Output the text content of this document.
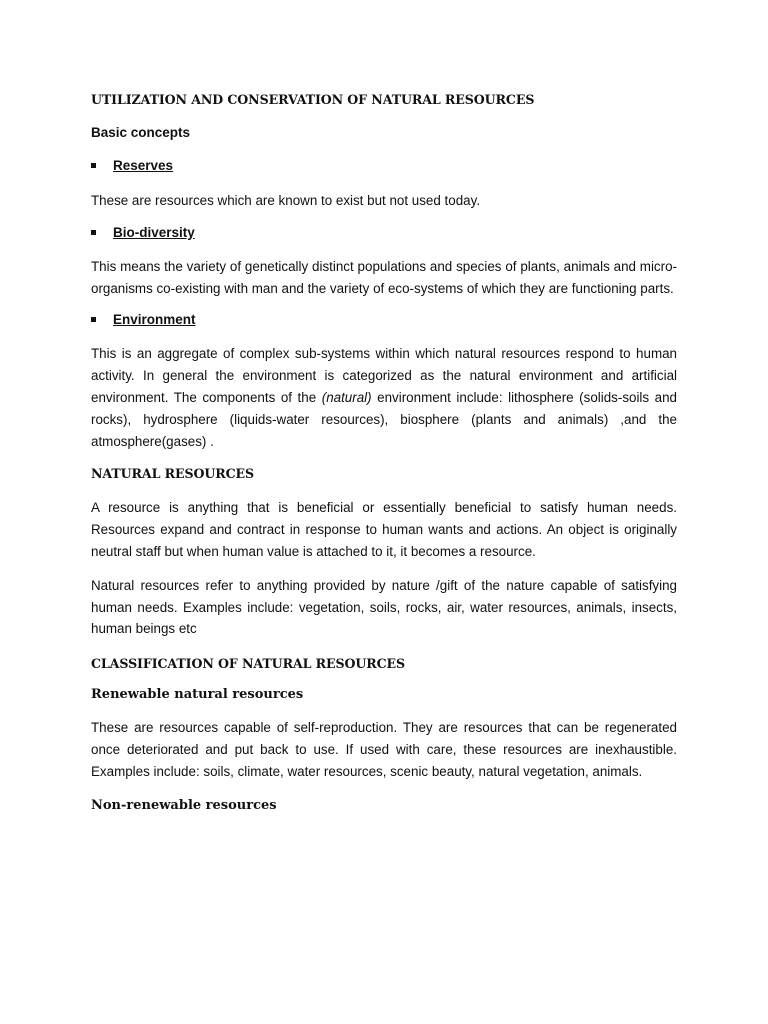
UTILIZATION AND CONSERVATION OF NATURAL RESOURCES
Basic concepts
Reserves

These are resources which are known to exist but not used today.

Bio-diversity

This means the variety of genetically distinct populations and species of plants, animals and micro-organisms co-existing with man and the variety of eco-systems of which they are functioning parts.

Environment

This is an aggregate of complex sub-systems within which natural resources respond to human activity. In general the environment is categorized as the natural environment and artificial environment. The components of the (natural) environment include: lithosphere (solids-soils and rocks), hydrosphere (liquids-water resources), biosphere (plants and animals) ,and the atmosphere(gases) .

NATURAL RESOURCES

A resource is anything that is beneficial or essentially beneficial to satisfy human needs. Resources expand and contract in response to human wants and actions. An object is originally neutral staff but when human value is attached to it, it becomes a resource.

Natural resources refer to anything provided by nature /gift of the nature capable of satisfying human needs. Examples include: vegetation, soils, rocks, air, water resources, animals, insects, human beings etc

CLASSIFICATION OF NATURAL RESOURCES
Renewable natural resources

These are resources capable of self-reproduction. They are resources that can be regenerated once deteriorated and put back to use. If used with care, these resources are inexhaustible. Examples include: soils, climate, water resources, scenic beauty, natural vegetation, animals.

Non-renewable resources
